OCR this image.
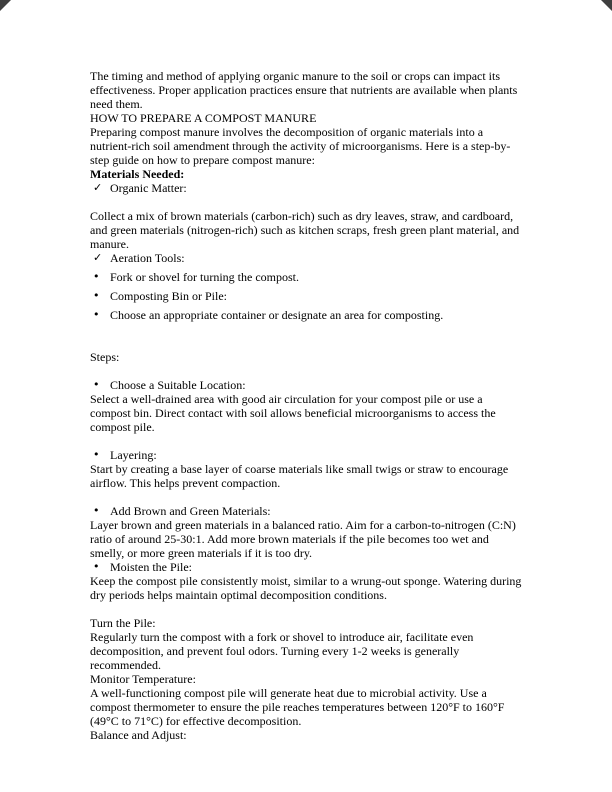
The timing and method of applying organic manure to the soil or crops can impact its effectiveness. Proper application practices ensure that nutrients are available when plants need them.

HOW TO PREPARE A COMPOST MANURE

Preparing compost manure involves the decomposition of organic materials into a nutrient-rich soil amendment through the activity of microorganisms. Here is a step-by-step guide on how to prepare compost manure:

Materials Needed:

✓ Organic Matter:

Collect a mix of brown materials (carbon-rich) such as dry leaves, straw, and cardboard, and green materials (nitrogen-rich) such as kitchen scraps, fresh green plant material, and manure.

✓ Aeration Tools:
• Fork or shovel for turning the compost.
• Composting Bin or Pile:
• Choose an appropriate container or designate an area for composting.

Steps:

• Choose a Suitable Location:

Select a well-drained area with good air circulation for your compost pile or use a compost bin. Direct contact with soil allows beneficial microorganisms to access the compost pile.

• Layering:

Start by creating a base layer of coarse materials like small twigs or straw to encourage airflow. This helps prevent compaction.

• Add Brown and Green Materials:

Layer brown and green materials in a balanced ratio. Aim for a carbon-to-nitrogen (C:N) ratio of around 25-30:1. Add more brown materials if the pile becomes too wet and smelly, or more green materials if it is too dry.

• Moisten the Pile:

Keep the compost pile consistently moist, similar to a wrung-out sponge. Watering during dry periods helps maintain optimal decomposition conditions.

Turn the Pile:

Regularly turn the compost with a fork or shovel to introduce air, facilitate even decomposition, and prevent foul odors. Turning every 1-2 weeks is generally recommended.

Monitor Temperature:

A well-functioning compost pile will generate heat due to microbial activity. Use a compost thermometer to ensure the pile reaches temperatures between 120°F to 160°F (49°C to 71°C) for effective decomposition.

Balance and Adjust:
